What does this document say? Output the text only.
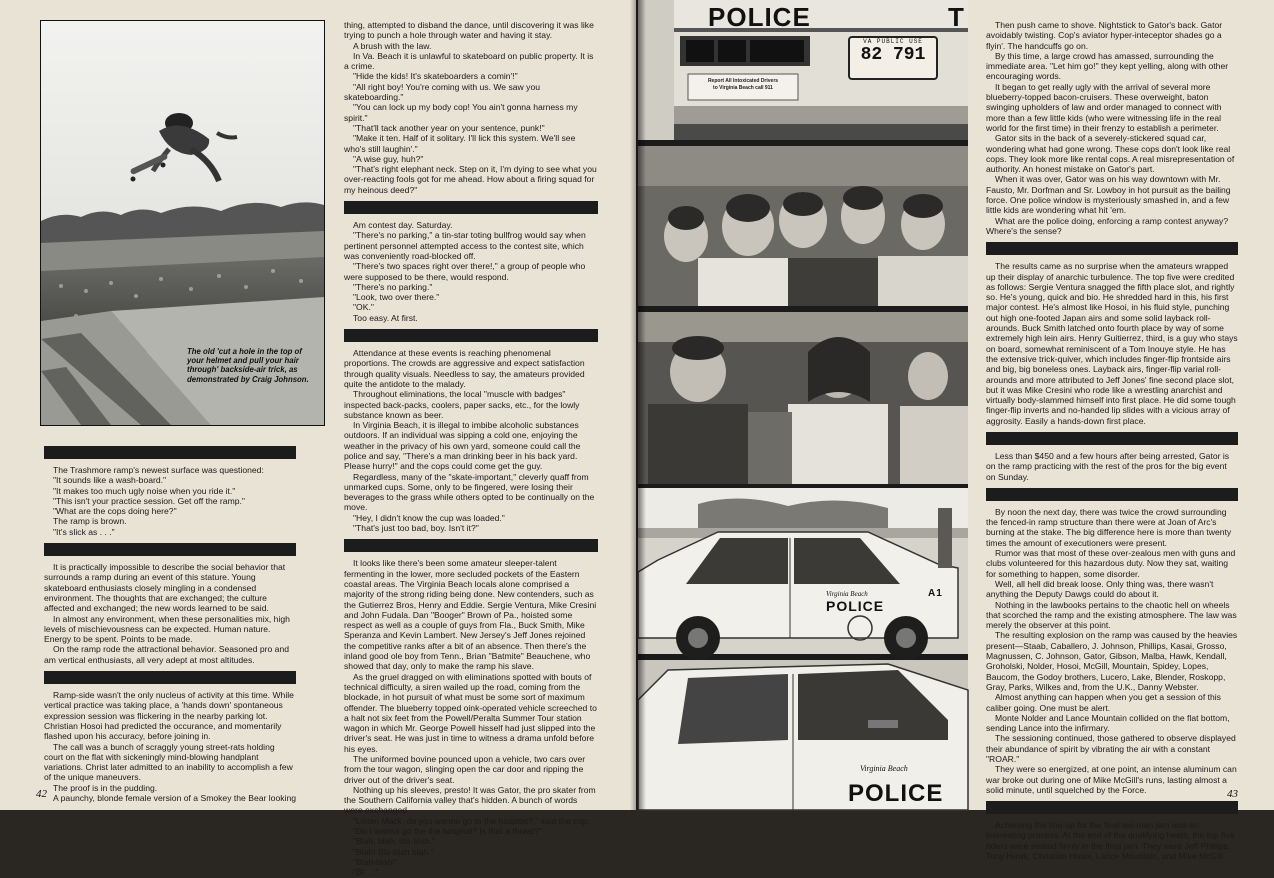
The old 'cut a hole in the top of your helmet and pull your hair through' backside-air trick, as demonstrated by Craig Johnson.

The Trashmore ramp's newest surface was questioned:

"It sounds like a wash-board."

"It makes too much ugly noise when you ride it."

"This isn't your practice session. Get off the ramp."

"What are the cops doing here?"

The ramp is brown.

"It's slick as . . ."

It is practically impossible to describe the social behavior that surrounds a ramp during an event of this stature. Young skateboard enthusiasts closely mingling in a condensed environment. The thoughts that are exchanged; the culture affected and exchanged; the new words learned to be said.

In almost any environment, when these personalities mix, high levels of mischievousness can be expected. Human nature. Energy to be spent. Points to be made.

On the ramp rode the attractional behavior. Seasoned pro and am vertical enthusiasts, all very adept at most altitudes.

Ramp-side wasn't the only nucleus of activity at this time. While vertical practice was taking place, a 'hands down' spontaneous expression session was flickering in the nearby parking lot. Christian Hosoi had predicted the occurance, and momentarily flashed upon his accuracy, before joining in.

The call was a bunch of scraggly young street-rats holding court on the flat with sickeningly mind-blowing handplant variations. Christ later admitted to an inability to accomplish a few of the unique maneuvers.

The proof is in the pudding.

A paunchy, blonde female version of a Smokey the Bear looking

thing, attempted to disband the dance, until discovering it was like trying to punch a hole through water and having it stay.

A brush with the law.

In Va. Beach it is unlawful to skateboard on public property. It is a crime.

"Hide the kids! It's skateboarders a comin'!"

"All right boy! You're coming with us. We saw you skateboarding."

"You can lock up my body cop! You ain't gonna harness my spirit."

"That'll tack another year on your sentence, punk!"

"Make it ten. Half of it solitary. I'll lick this system. We'll see who's still laughin'."

"A wise guy, huh?"

"That's right elephant neck. Step on it, I'm dying to see what you over-reacting fools got for me ahead. How about a firing squad for my heinous deed?"

Am contest day. Saturday.

"There's no parking," a tin-star toting bullfrog would say when pertinent personnel attempted access to the contest site, which was conveniently road-blocked off.

"There's two spaces right over there!," a group of people who were supposed to be there, would respond.

"There's no parking."

"Look, two over there."

"OK."

Too easy. At first.

Attendance at these events is reaching phenomenal proportions. The crowds are aggressive and expect satisfaction through quality visuals. Needless to say, the amateurs provided quite the antidote to the malady.

Throughout eliminations, the local "muscle with badges" inspected back-packs, coolers, paper sacks, etc., for the lowly substance known as beer.

In Virginia Beach, it is illegal to imbibe alcoholic substances outdoors. If an individual was sipping a cold one, enjoying the weather in the privacy of his own yard, someone could call the police and say, "There's a man drinking beer in his back yard. Please hurry!" and the cops could come get the guy.

Regardless, many of the "skate-important," cleverly quaff from unmarked cups. Some, only to be fingered, were losing their beverages to the grass while others opted to be continually on the move.

"Hey, I didn't know the cup was loaded."

"That's just too bad, boy. Isn't it?"

It looks like there's been some amateur sleeper-talent fermenting in the lower, more secluded pockets of the Eastern coastal areas. The Virginia Beach locals alone comprised a majority of the strong riding being done. New contenders, such as the Gutierrez Bros, Henry and Eddie. Sergie Ventura, Mike Cresini and John Fudala. Dan "Booger" Brown of Pa., hoisted some respect as well as a couple of guys from Fla., Buck Smith, Mike Speranza and Kevin Lambert. New Jersey's Jeff Jones rejoined the competitive ranks after a bit of an absence. Then there's the inland good ole boy from Tenn., Brian "Batmite" Beauchene, who showed that day, only to make the ramp his slave.

As the gruel dragged on with eliminations spotted with bouts of technical difficulty, a siren wailed up the road, coming from the blockade, in hot pursuit of what must be some sort of maximum offender. The blueberry topped oink-operated vehicle screeched to a halt not six feet from the Powell/Peralta Summer Tour station wagon in which Mr. George Powell hisself had just slipped into the driver's seat. He was just in time to witness a drama unfold before his eyes.

The uniformed bovine pounced upon a vehicle, two cars over from the tour wagon, slinging open the car door and ripping the driver out of the driver's seat.

Nothing up his sleeves, presto! It was Gator, the pro skater from the Southern California valley that's hidden. A bunch of words were exchanged.

"Listen Mack, do you wanna go to the hospital?," said the cop.

"Do I wanna go the the hospital? Is that a threat?"

"Blah, blah, bla-blah."

"Blah! Bla-blah blah."

"Blah-blah!"

"Bl. . ."

42
POLICE	T
VA PUBLIC USE
82 791
Report All Intoxicated Drivers
to Virginia Beach call 911
Virginia Beach
POLICE
A1
Virginia Beach
POLICE

Then push came to shove. Nightstick to Gator's back. Gator avoidably twisting. Cop's aviator hyper-inteceptor shades go a flyin'. The handcuffs go on.

By this time, a large crowd has amassed, surrounding the immediate area. "Let him go!" they kept yelling, along with other encouraging words.

It began to get really ugly with the arrival of several more blueberry-topped bacon-cruisers. These overweight, baton swinging upholders of law and order managed to connect with more than a few little kids (who were witnessing life in the real world for the first time) in their frenzy to establish a perimeter.

Gator sits in the back of a severely-stickered squad car, wondering what had gone wrong. These cops don't look like real cops. They look more like rental cops. A real misrepresentation of authority. An honest mistake on Gator's part.

When it was over, Gator was on his way downtown with Mr. Fausto, Mr. Dorfman and Sr. Lowboy in hot pursuit as the bailing force. One police window is mysteriously smashed in, and a few little kids are wondering what hit 'em.

What are the police doing, enforcing a ramp contest anyway? Where's the sense?

The results came as no surprise when the amateurs wrapped up their display of anarchic turbulence. The top five were credited as follows: Sergie Ventura snagged the fifth place slot, and rightly so. He's young, quick and bio. He shredded hard in this, his first major contest. He's almost like Hosoi, in his fluid style, punching out high one-footed Japan airs and some solid layback roll-arounds. Buck Smith latched onto fourth place by way of some extremely high lein airs. Henry Guitierrez, third, is a guy who stays on board, somewhat reminiscent of a Tom Inouye style. He has the extensive trick-quiver, which includes finger-flip frontside airs and big, big boneless ones. Layback airs, finger-flip varial roll-arounds and more attributed to Jeff Jones' fine second place slot, but it was Mike Cresini who rode like a wrestling anarchist and virtually body-slammed himself into first place. He did some tough finger-flip inverts and no-handed lip slides with a vicious array of aggrosity. Easily a hands-down first place.

Less than $450 and a few hours after being arrested, Gator is on the ramp practicing with the rest of the pros for the big event on Sunday.

By noon the next day, there was twice the crowd surrounding the fenced-in ramp structure than there were at Joan of Arc's burning at the stake. The big difference here is more than twenty times the amount of executioners were present.

Rumor was that most of these over-zealous men with guns and clubs volunteered for this hazardous duty. Now they sat, waiting for something to happen, some disorder.

Well, all hell did break loose. Only thing was, there wasn't anything the Deputy Dawgs could do about it.

Nothing in the lawbooks pertains to the chaotic hell on wheels that scorched the ramp and the existing atmosphere. The law was merely the observer at this point.

The resulting explosion on the ramp was caused by the heavies present—Staab, Caballero, J. Johnson, Phillips, Kasai, Grosso, Magnussen, C. Johnson, Gator, Gibson, Malba, Hawk, Kendall, Groholski, Nolder, Hosoi, McGill, Mountain, Spidey, Lopes, Baucom, the Godoy brothers, Lucero, Lake, Blender, Roskopp, Gray, Parks, Wilkes and, from the U.K., Danny Webster.

Almost anything can happen when you get a session of this caliber going. One must be alert.

Monte Nolder and Lance Mountain collided on the flat bottom, sending Lance into the infirmary.

The sessioning continued, those gathered to observe displayed their abundance of spirit by vibrating the air with a constant "ROAR."

They were so energized, at one point, an intense aluminum can war broke out during one of Mike McGill's runs, lasting almost a solid minute, until squelched by the Force.

Achieving the line-up for the final ten man jam was an interesting process. At the end of the qualifying heats, the top five riders were seated firmly in the final jam. They were Jeff Phillips, Tony Hawk, Christian Hosoi, Lance Mountain, and Mike McGill.

43
